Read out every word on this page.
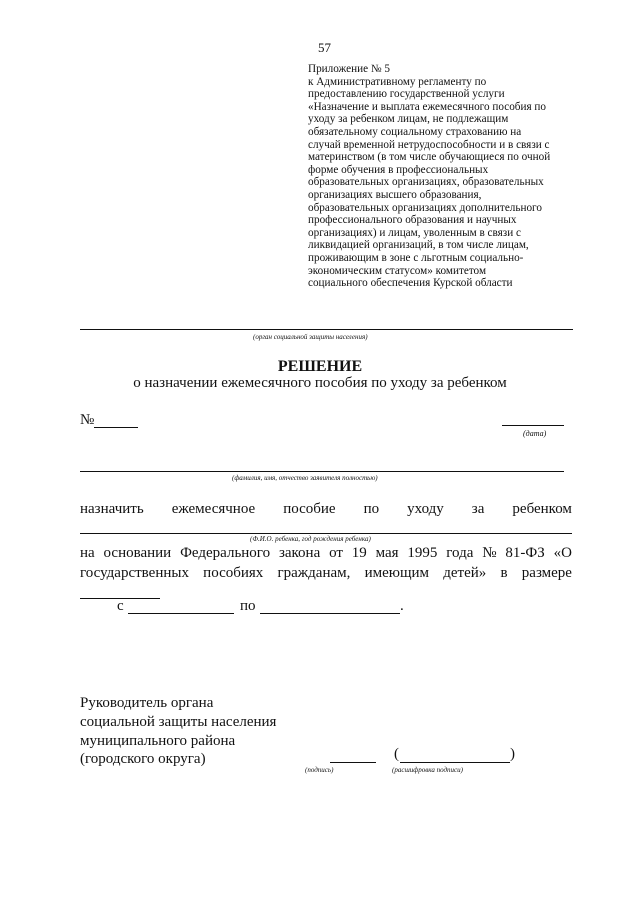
57
Приложение № 5
к Административному регламенту по
предоставлению государственной услуги
«Назначение и выплата ежемесячного пособия по
уходу за ребенком лицам, не подлежащим
обязательному социальному страхованию на
случай временной нетрудоспособности и в связи с
материнством (в том числе обучающиеся по очной
форме обучения в профессиональных
образовательных организациях, образовательных
организациях высшего образования,
образовательных организациях дополнительного
профессионального образования и научных
организациях) и лицам, уволенным в связи с
ликвидацией организаций, в том числе лицам,
проживающим в зоне с льготным социально-
экономическим статусом» комитетом
социального обеспечения Курской области
(орган социальной защиты населения)
РЕШЕНИЕ
о назначении ежемесячного пособия по уходу за ребенком
№
(дата)
(фамилия, имя, отчество заявителя полностью)
назначить ежемесячное пособие по уходу за ребенком
(Ф.И.О. ребенка, год рождения ребенка)
на основании Федерального закона от 19 мая 1995 года № 81-ФЗ «О
государственных пособиях гражданам, имеющим детей» в размере
с	по	.
Руководитель органа
социальной защиты населения
муниципального района
(городского округа)
(подпись)
(	)
(расшифровка подписи)
